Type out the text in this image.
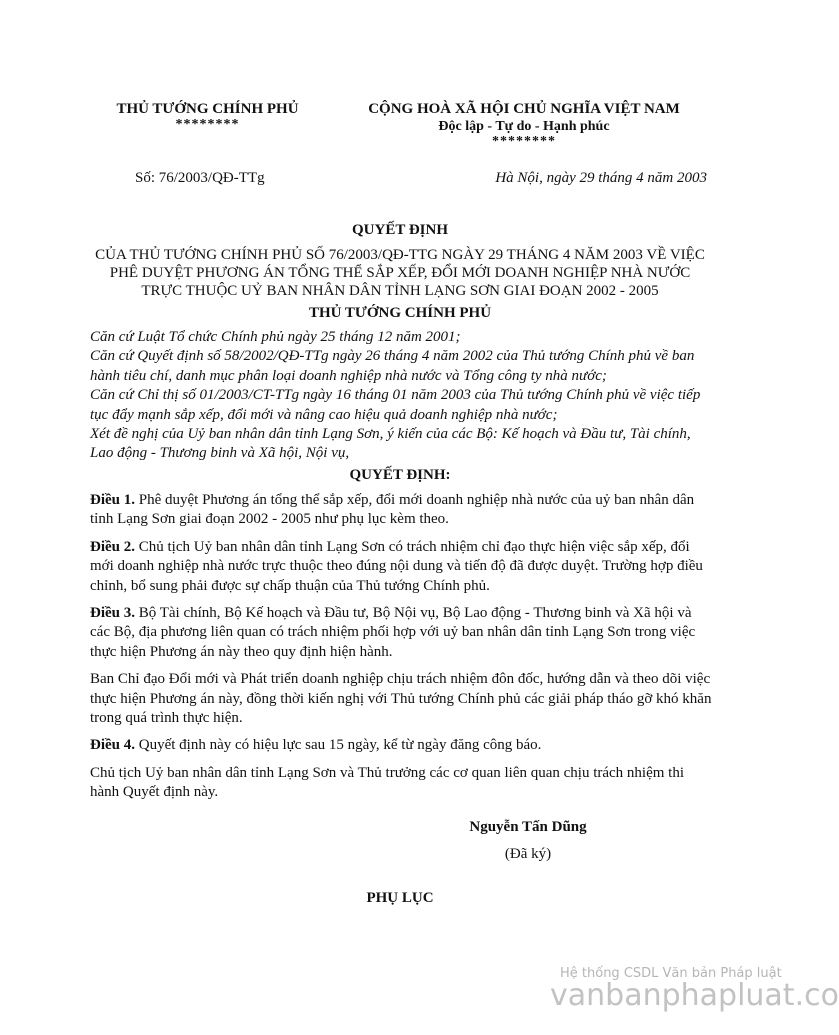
THỦ TƯỚNG CHÍNH PHỦ
********
CỘNG HOÀ XÃ HỘI CHỦ NGHĨA VIỆT NAM
Độc lập - Tự do - Hạnh phúc
********
Số: 76/2003/QĐ-TTg	Hà Nội, ngày 29 tháng 4 năm 2003
QUYẾT ĐỊNH
CỦA THỦ TƯỚNG CHÍNH PHỦ SỐ 76/2003/QĐ-TTG NGÀY 29 THÁNG 4 NĂM 2003 VỀ VIỆC PHÊ DUYỆT PHƯƠNG ÁN TỔNG THỂ SẮP XẾP, ĐỔI MỚI DOANH NGHIỆP NHÀ NƯỚC TRỰC THUỘC UỶ BAN NHÂN DÂN TỈNH LẠNG SƠN GIAI ĐOẠN 2002 - 2005
THỦ TƯỚNG CHÍNH PHỦ

Căn cứ Luật Tổ chức Chính phủ ngày 25 tháng 12 năm 2001;

Căn cứ Quyết định số 58/2002/QĐ-TTg ngày 26 tháng 4 năm 2002 của Thủ tướng Chính phủ về ban hành tiêu chí, danh mục phân loại doanh nghiệp nhà nước và Tổng công ty nhà nước;

Căn cứ Chỉ thị số 01/2003/CT-TTg ngày 16 tháng 01 năm 2003 của Thủ tướng Chính phủ về việc tiếp tục đẩy mạnh sắp xếp, đổi mới và nâng cao hiệu quả doanh nghiệp nhà nước;

Xét đề nghị của Uỷ ban nhân dân tỉnh Lạng Sơn, ý kiến của các Bộ: Kế hoạch và Đầu tư, Tài chính, Lao động - Thương binh và Xã hội, Nội vụ,

QUYẾT ĐỊNH:

Điều 1. Phê duyệt Phương án tổng thể sắp xếp, đổi mới doanh nghiệp nhà nước của uỷ ban nhân dân tỉnh Lạng Sơn giai đoạn 2002 - 2005 như phụ lục kèm theo.

Điều 2. Chủ tịch Uỷ ban nhân dân tỉnh Lạng Sơn có trách nhiệm chỉ đạo thực hiện việc sắp xếp, đổi mới doanh nghiệp nhà nước trực thuộc theo đúng nội dung và tiến độ đã được duyệt. Trường hợp điều chỉnh, bổ sung phải được sự chấp thuận của Thủ tướng Chính phủ.

Điều 3. Bộ Tài chính, Bộ Kế hoạch và Đầu tư, Bộ Nội vụ, Bộ Lao động - Thương binh và Xã hội và các Bộ, địa phương liên quan có trách nhiệm phối hợp với uỷ ban nhân dân tỉnh Lạng Sơn trong việc thực hiện Phương án này theo quy định hiện hành.

Ban Chỉ đạo Đổi mới và Phát triển doanh nghiệp chịu trách nhiệm đôn đốc, hướng dẫn và theo dõi việc thực hiện Phương án này, đồng thời kiến nghị với Thủ tướng Chính phủ các giải pháp tháo gỡ khó khăn trong quá trình thực hiện.

Điều 4. Quyết định này có hiệu lực sau 15 ngày, kể từ ngày đăng công báo.

Chủ tịch Uỷ ban nhân dân tỉnh Lạng Sơn và Thủ trưởng các cơ quan liên quan chịu trách nhiệm thi hành Quyết định này.

Nguyễn Tấn Dũng
(Đã ký)
PHỤ LỤC
Hệ thống CSDL Văn bản Pháp luật
vanbanphapluat.co
